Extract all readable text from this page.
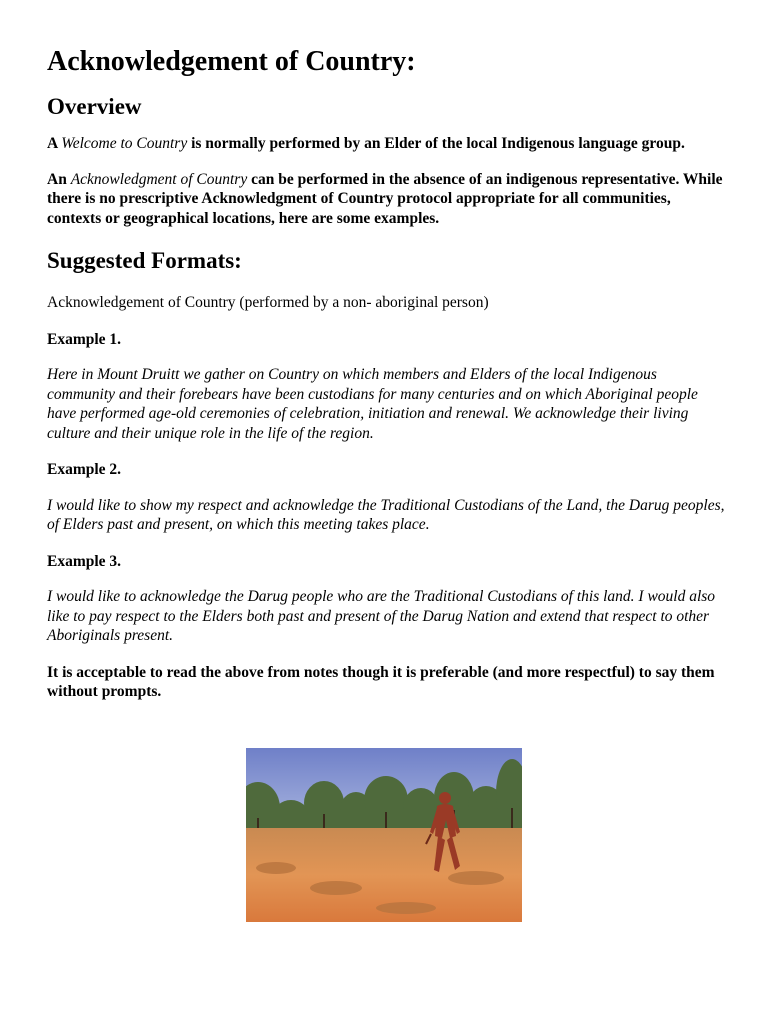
Acknowledgement of Country:
Overview

A Welcome to Country is normally performed by an Elder of the local Indigenous language group.

An Acknowledgment of Country can be performed in the absence of an indigenous representative. While there is no prescriptive Acknowledgment of Country protocol appropriate for all communities, contexts or geographical locations, here are some examples.

Suggested Formats:

Acknowledgement of Country (performed by a non- aboriginal person)

Example 1.

Here in Mount Druitt we gather on Country on which members and Elders of the local Indigenous community and their forebears have been custodians for many centuries and on which Aboriginal people have performed age-old ceremonies of celebration, initiation and renewal. We acknowledge their living culture and their unique role in the life of the region.

Example 2.

I would like to show my respect and acknowledge the Traditional Custodians of the Land, the Darug peoples, of Elders past and present, on which this meeting takes place.

Example 3.

I would like to acknowledge the Darug people who are the Traditional Custodians of this land. I would also like to pay respect to the Elders both past and present of the Darug Nation and extend that respect to other Aboriginals present.

It is acceptable to read the above from notes though it is preferable (and more respectful) to say them without prompts.
